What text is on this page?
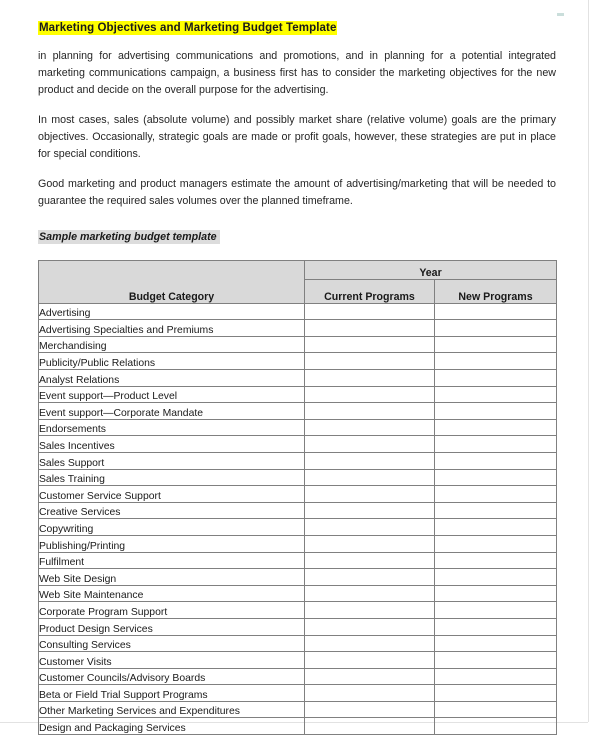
Marketing Objectives and Marketing Budget Template

in planning for advertising communications and promotions, and in planning for a potential integrated marketing communications campaign, a business first has to consider the marketing objectives for the new product and decide on the overall purpose for the advertising.

In most cases, sales (absolute volume) and possibly market share (relative volume) goals are the primary objectives. Occasionally, strategic goals are made or profit goals, however, these strategies are put in place for special conditions.

Good marketing and product managers estimate the amount of advertising/marketing that will be needed to guarantee the required sales volumes over the planned timeframe.

Sample marketing budget template

Budget Category	Year	
	Current Programs	New Programs
Advertising		
Advertising Specialties and Premiums		
Merchandising		
Publicity/Public Relations		
Analyst Relations		
Event support—Product Level		
Event support—Corporate Mandate		
Endorsements		
Sales Incentives		
Sales Support		
Sales Training		
Customer Service Support		
Creative Services		
Copywriting		
Publishing/Printing		
Fulfilment		
Web Site Design		
Web Site Maintenance		
Corporate Program Support		
Product Design Services		
Consulting Services		
Customer Visits		
Customer Councils/Advisory Boards		
Beta or Field Trial Support Programs		
Other Marketing Services and Expenditures		
Design and Packaging Services		
